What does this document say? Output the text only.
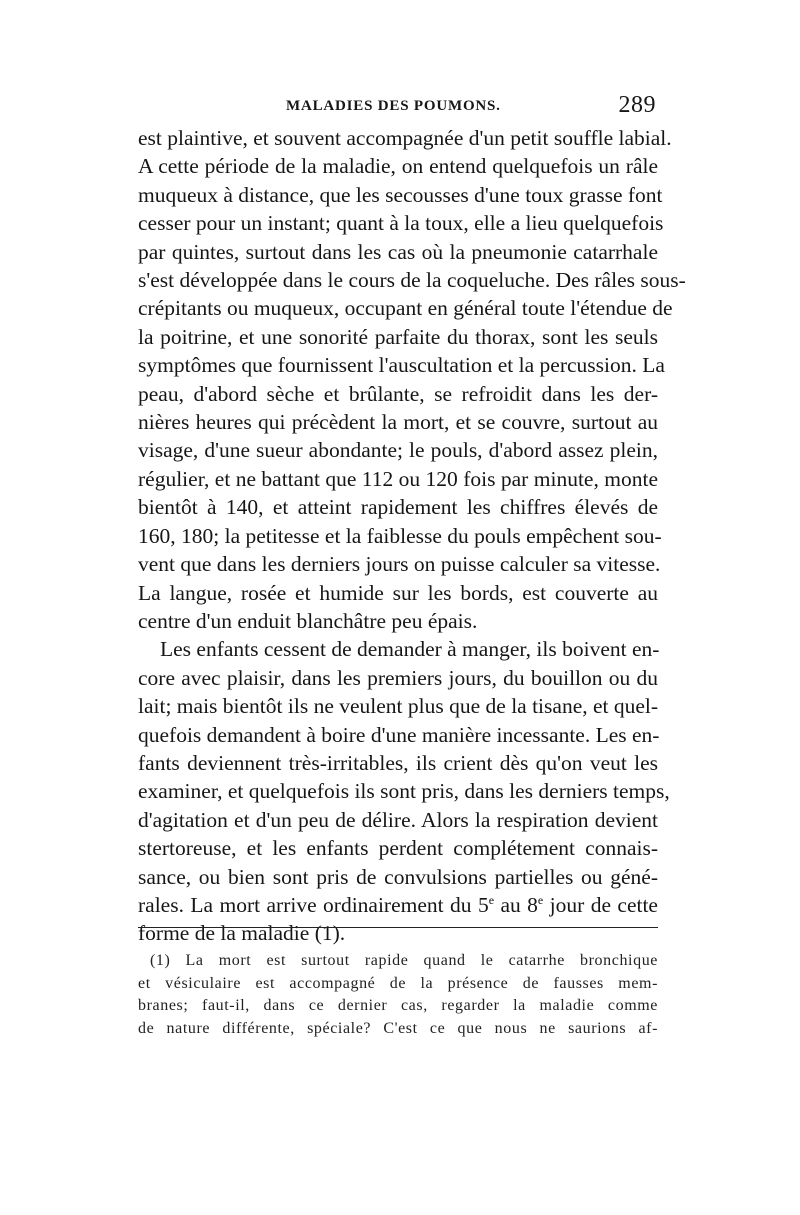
MALADIES DES POUMONS.	289

est plaintive, et souvent accompagnée d'un petit souffle labial.
A cette période de la maladie, on entend quelquefois un râle
muqueux à distance, que les secousses d'une toux grasse font
cesser pour un instant; quant à la toux, elle a lieu quelquefois
par quintes, surtout dans les cas où la pneumonie catarrhale
s'est développée dans le cours de la coqueluche. Des râles sous-
crépitants ou muqueux, occupant en général toute l'étendue de
la poitrine, et une sonorité parfaite du thorax, sont les seuls
symptômes que fournissent l'auscultation et la percussion. La
peau, d'abord sèche et brûlante, se refroidit dans les der-
nières heures qui précèdent la mort, et se couvre, surtout au
visage, d'une sueur abondante; le pouls, d'abord assez plein,
régulier, et ne battant que 112 ou 120 fois par minute, monte
bientôt à 140, et atteint rapidement les chiffres élevés de
160, 180; la petitesse et la faiblesse du pouls empêchent sou-
vent que dans les derniers jours on puisse calculer sa vitesse.
La langue, rosée et humide sur les bords, est couverte au
centre d'un enduit blanchâtre peu épais.

Les enfants cessent de demander à manger, ils boivent en-
core avec plaisir, dans les premiers jours, du bouillon ou du
lait; mais bientôt ils ne veulent plus que de la tisane, et quel-
quefois demandent à boire d'une manière incessante. Les en-
fants deviennent très-irritables, ils crient dès qu'on veut les
examiner, et quelquefois ils sont pris, dans les derniers temps,
d'agitation et d'un peu de délire. Alors la respiration devient
stertoreuse, et les enfants perdent complétement connais-
sance, ou bien sont pris de convulsions partielles ou géné-
rales. La mort arrive ordinairement du 5e au 8e jour de cette
forme de la maladie (1).

(1) La mort est surtout rapide quand le catarrhe bronchique
et vésiculaire est accompagné de la présence de fausses mem-
branes; faut-il, dans ce dernier cas, regarder la maladie comme
de nature différente, spéciale? C'est ce que nous ne saurions af-
